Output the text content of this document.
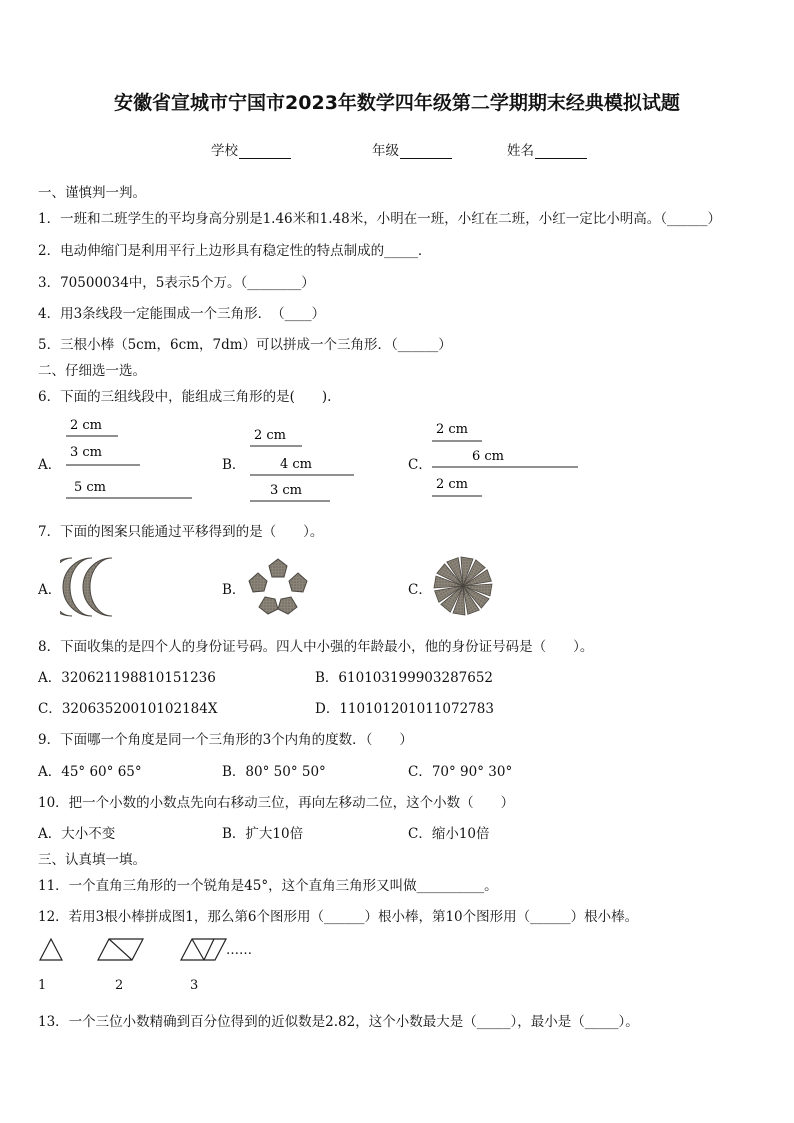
安徽省宣城市宁国市2023年数学四年级第二学期期末经典模拟试题
学校	年级	姓名
一、谨慎判一判。
1．一班和二班学生的平均身高分别是1.46米和1.48米，小明在一班，小红在二班，小红一定比小明高。（______）
2．电动伸缩门是利用平行上边形具有稳定性的特点制成的_____．
3．70500034中，5表示5个万。（________）
4．用3条线段一定能围成一个三角形．　（____）
5．三根小棒（5cm，6cm，7dm）可以拼成一个三角形．（______）
二、仔细选一选。
6．下面的三组线段中，能组成三角形的是(　　).
A．
2 cm
3 cm
5 cm
B．
2 cm
4 cm
3 cm
C．
2 cm
6 cm
2 cm
7．下面的图案只能通过平移得到的是（　　）。
A．	B．	C．
8．下面收集的是四个人的身份证号码。四人中小强的年龄最小，他的身份证号码是（　　）。
A．320621198810151236	B．610103199903287652
C．32063520010102184X	D．110101201011072783
9．下面哪一个角度是同一个三角形的3个内角的度数．（　　）
A．45° 60° 65°	B．80° 50° 50°	C．70° 90° 30°
10．把一个小数的小数点先向右移动三位，再向左移动二位，这个小数（　　）
A．大小不变	B．扩大10倍	C．缩小10倍
三、认真填一填。
11．一个直角三角形的一个锐角是45°，这个直角三角形又叫做__________。
12．若用3根小棒拼成图1，那么第6个图形用（______）根小棒，第10个图形用（______）根小棒。
……
1	2	3
13．一个三位小数精确到百分位得到的近似数是2.82，这个小数最大是（_____），最小是（_____）。
